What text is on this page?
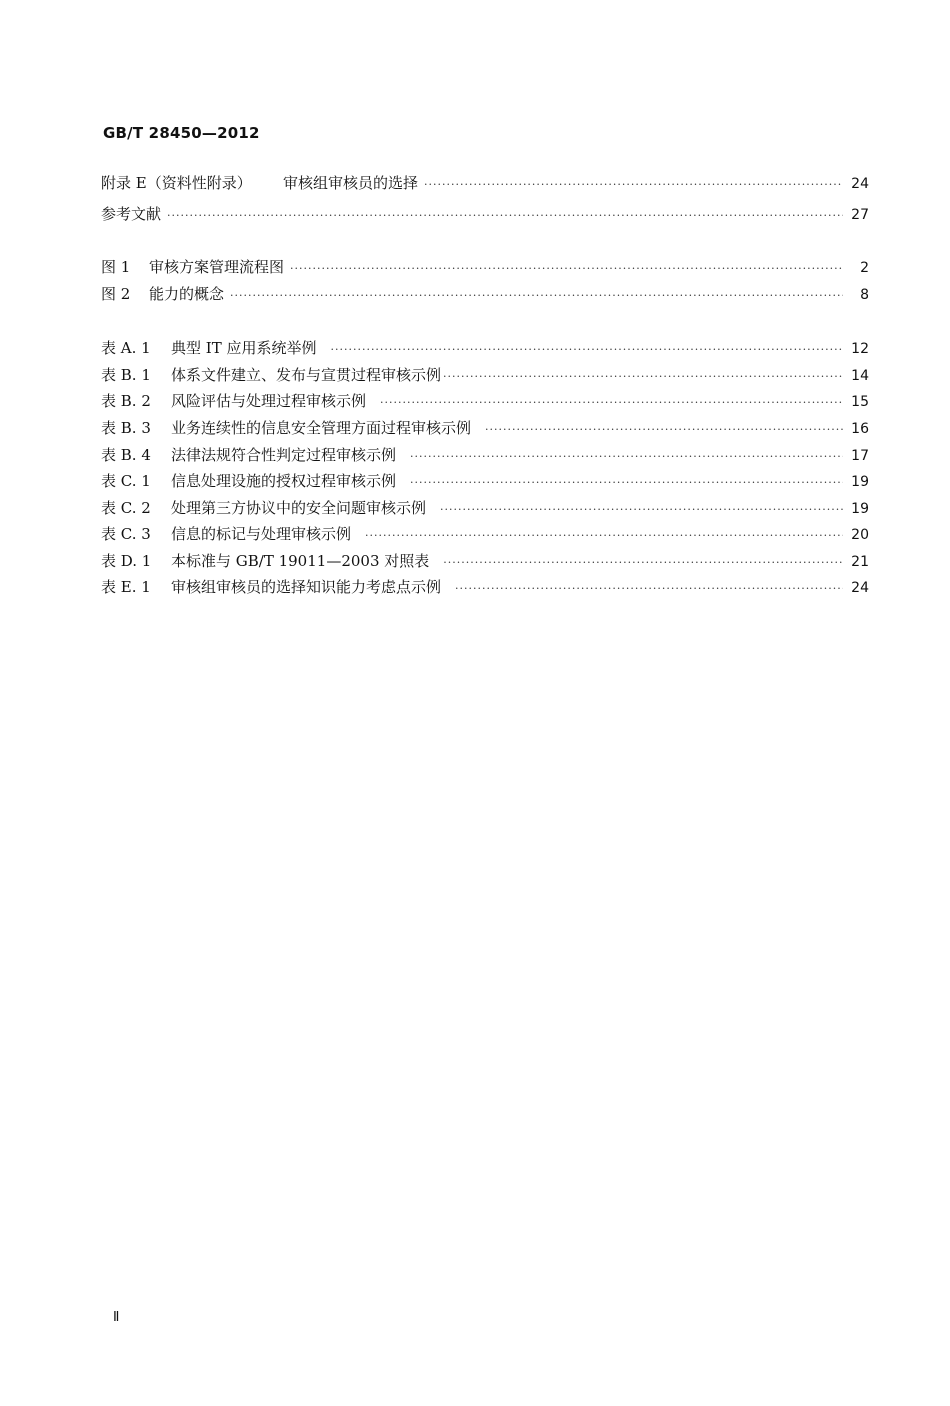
GB/T 28450—2012
附录 E（资料性附录）	审核组审核员的选择 ·····	24
参考文献 ·····	27
图 1	审核方案管理流程图 ·····	2
图 2	能力的概念 ·····	8
表 A. 1	典型 IT 应用系统举例 ·····	12
表 B. 1	体系文件建立、发布与宣贯过程审核示例 ·····	14
表 B. 2	风险评估与处理过程审核示例 ·····	15
表 B. 3	业务连续性的信息安全管理方面过程审核示例 ·····	16
表 B. 4	法律法规符合性判定过程审核示例 ·····	17
表 C. 1	信息处理设施的授权过程审核示例 ·····	19
表 C. 2	处理第三方协议中的安全问题审核示例 ·····	19
表 C. 3	信息的标记与处理审核示例 ·····	20
表 D. 1	本标准与 GB/T 19011—2003 对照表 ·····	21
表 E. 1	审核组审核员的选择知识能力考虑点示例 ·····	24
Ⅱ
